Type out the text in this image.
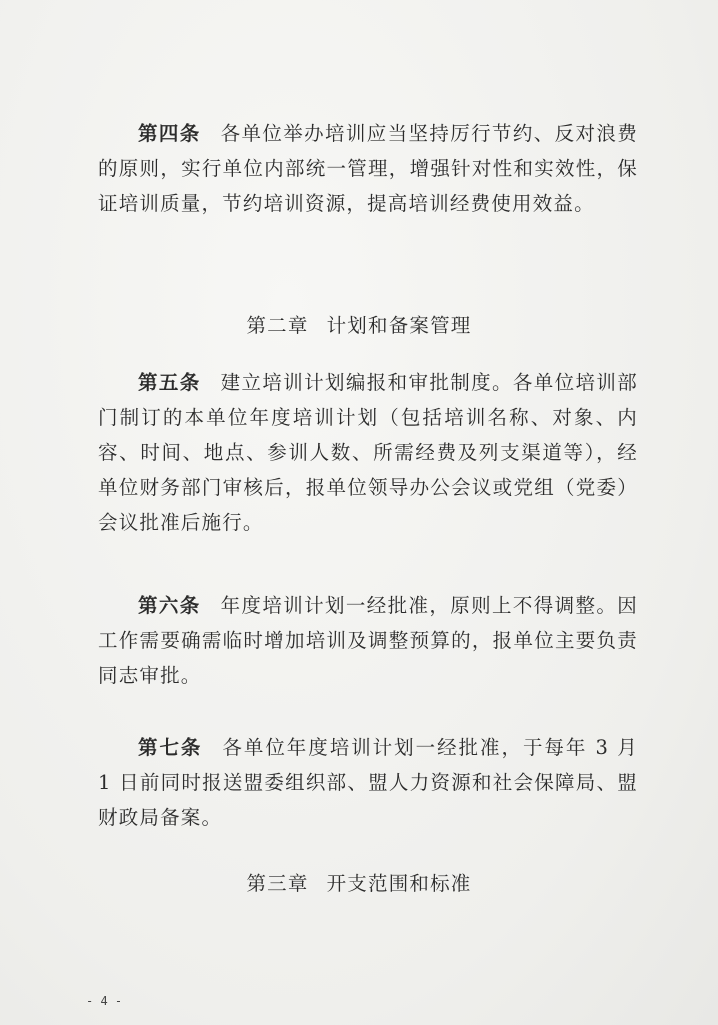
第四条 各单位举办培训应当坚持厉行节约、反对浪费的原则，实行单位内部统一管理，增强针对性和实效性，保证培训质量，节约培训资源，提高培训经费使用效益。

第二章 计划和备案管理

第五条 建立培训计划编报和审批制度。各单位培训部门制订的本单位年度培训计划（包括培训名称、对象、内容、时间、地点、参训人数、所需经费及列支渠道等），经单位财务部门审核后，报单位领导办公会议或党组（党委）会议批准后施行。

第六条 年度培训计划一经批准，原则上不得调整。因工作需要确需临时增加培训及调整预算的，报单位主要负责同志审批。

第七条 各单位年度培训计划一经批准，于每年 3 月 1 日前同时报送盟委组织部、盟人力资源和社会保障局、盟财政局备案。

第三章 开支范围和标准

- 4 -
